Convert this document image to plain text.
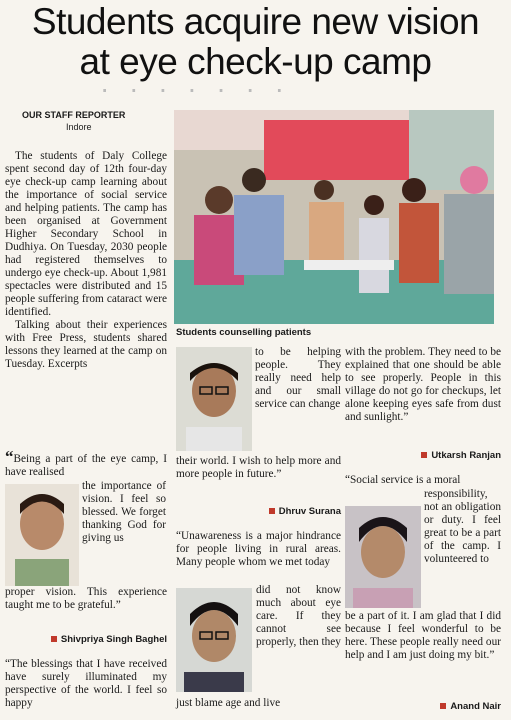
Students acquire new vision
at eye check-up camp
· · · · · · ·
OUR STAFF REPORTER
Indore

The students of Daly College spent second day of 12th four-day eye check-up camp learning about the importance of social service and helping patients. The camp has been organised at Government Higher Secondary School in Dudhiya. On Tuesday, 2030 people had registered themselves to undergo eye check-up. About 1,981 spectacles were distributed and 15 people suffering from cataract were identified.

Talking about their experiences with Free Press, students shared lessons they learned at the camp on Tuesday. Excerpts

Students counselling patients

“Being a part of the eye camp, I have realised

the importance of vision. I feel so blessed. We forget thanking God for giving us
proper vision. This experience taught me to be grateful.”
Shivpriya Singh Baghel
“The blessings that I have received have surely illuminated my perspective of the world. I feel so happy
to be helping people. They really need help and our small service can change
their world. I wish to help more and more people in future.”
Dhruv Surana
“Unawareness is a major hindrance for people living in rural areas. Many people whom we met today
did not know much about eye care. If they cannot see properly, then they
just blame age and live
with the problem. They need to be explained that one should be able to see properly. People in this village do not go for checkups, let alone keeping eyes safe from dust and sunlight.”
Utkarsh Ranjan
“Social service is a moral
responsibility, not an obligation or duty. I feel great to be a part of the camp. I volunteered to
be a part of it. I am glad that I did because I feel wonderful to be here. These people really need our help and I am just doing my bit.”
Anand Nair
